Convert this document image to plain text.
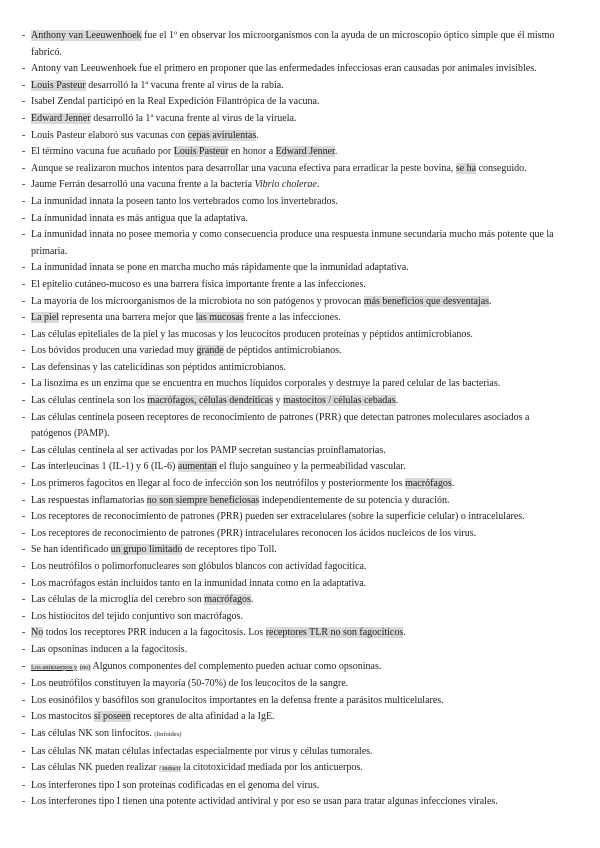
- Anthony van Leeuwenhoek fue el 1º en observar los microorganismos con la ayuda de un microscopio óptico simple que él mismo fabricó.
- Antony van Leeuwenhoek fue el primero en proponer que las enfermedades infecciosas eran causadas por animales invisibles.
- Louis Pasteur desarrolló la 1ª vacuna frente al virus de la rabia.
- Isabel Zendal participó en la Real Expedición Filantrópica de la vacuna.
- Edward Jenner desarrolló la 1ª vacuna frente al virus de la viruela.
- Louis Pasteur elaboró sus vacunas con cepas avirulentas.
- El término vacuna fue acuñado por Louis Pasteur en honor a Edward Jenner.
- Aunque se realizaron muchos intentos para desarrollar una vacuna efectiva para erradicar la peste bovina, se ha conseguido.
- Jaume Ferrán desarrolló una vacuna frente a la bacteria Vibrio cholerae.
- La inmunidad innata la poseen tanto los vertebrados como los invertebrados.
- La inmunidad innata es más antigua que la adaptativa.
- La inmunidad innata no posee memoria y como consecuencia produce una respuesta inmune secundaria mucho más potente que la primaria.
- La inmunidad innata se pone en marcha mucho más rápidamente que la inmunidad adaptativa.
- El epitelio cutáneo-mucoso es una barrera física importante frente a las infecciones.
- La mayoría de los microorganismos de la microbiota no son patógenos y provocan más beneficios que desventajas.
- La piel representa una barrera mejor que las mucosas frente a las infecciones.
- Las células epiteliales de la piel y las mucosas y los leucocitos producen proteínas y péptidos antimicrobianos.
- Los bóvidos producen una variedad muy grande de péptidos antimicrobianos.
- Las defensinas y las catelicidinas son péptidos antimicrobianos.
- La lisozima es un enzima que se encuentra en muchos líquidos corporales y destruye la pared celular de las bacterias.
- Las células centinela son los macrófagos, células dendríticas y mastocitos / células cebadas.
- Las células centinela poseen receptores de reconocimiento de patrones (PRR) que detectan patrones moleculares asociados a patógenos (PAMP).
- Las células centinela al ser activadas por los PAMP secretan sustancias proinflamatorias.
- Las interleucinas 1 (IL-1) y 6 (IL-6) aumentan el flujo sanguíneo y la permeabilidad vascular.
- Los primeros fagocitos en llegar al foco de infección son los neutrófilos y posteriormente los macrófagos.
- Las respuestas inflamatorias no son siempre beneficiosas independientemente de su potencia y duración.
- Los receptores de reconocimiento de patrones (PRR) pueden ser extracelulares (sobre la superficie celular) o intracelulares.
- Los receptores de reconocimiento de patrones (PRR) intracelulares reconocen los ácidos nucleicos de los virus.
- Se han identificado un grupo limitado de receptores tipo Toll.
- Los neutrófilos o polimorfonucleares son glóbulos blancos con actividad fagocítica.
- Los macrófagos están incluidos tanto en la inmunidad innata como en la adaptativa.
- Las células de la microglía del cerebro son macrófagos.
- Los histiocitos del tejido conjuntivo son macrófagos.
- No todos los receptores PRR inducen a la fagocitosis. Los receptores TLR no son fagocíticos.
- Las opsoninas inducen a la fagocitosis.
- Los anticuerpos y (no) Algunos componentes del complemento pueden actuar como opsoninas.
- Los neutrófilos constituyen la mayoría (50-70%) de los leucocitos de la sangre.
- Los eosinófilos y basófilos son granulocitos importantes en la defensa frente a parásitos multicelulares.
- Los mastocitos sí poseen receptores de alta afinidad a la IgE.
- Las células NK son linfocitos. (linfoides)
- Las células NK matan células infectadas especialmente por virus y células tumorales.
- Las células NK pueden realizar / inducir la citotoxicidad mediada por los anticuerpos.
- Los interferones tipo I son proteínas codificadas en el genoma del virus.
- Los interferones tipo I tienen una potente actividad antiviral y por eso se usan para tratar algunas infecciones virales.
